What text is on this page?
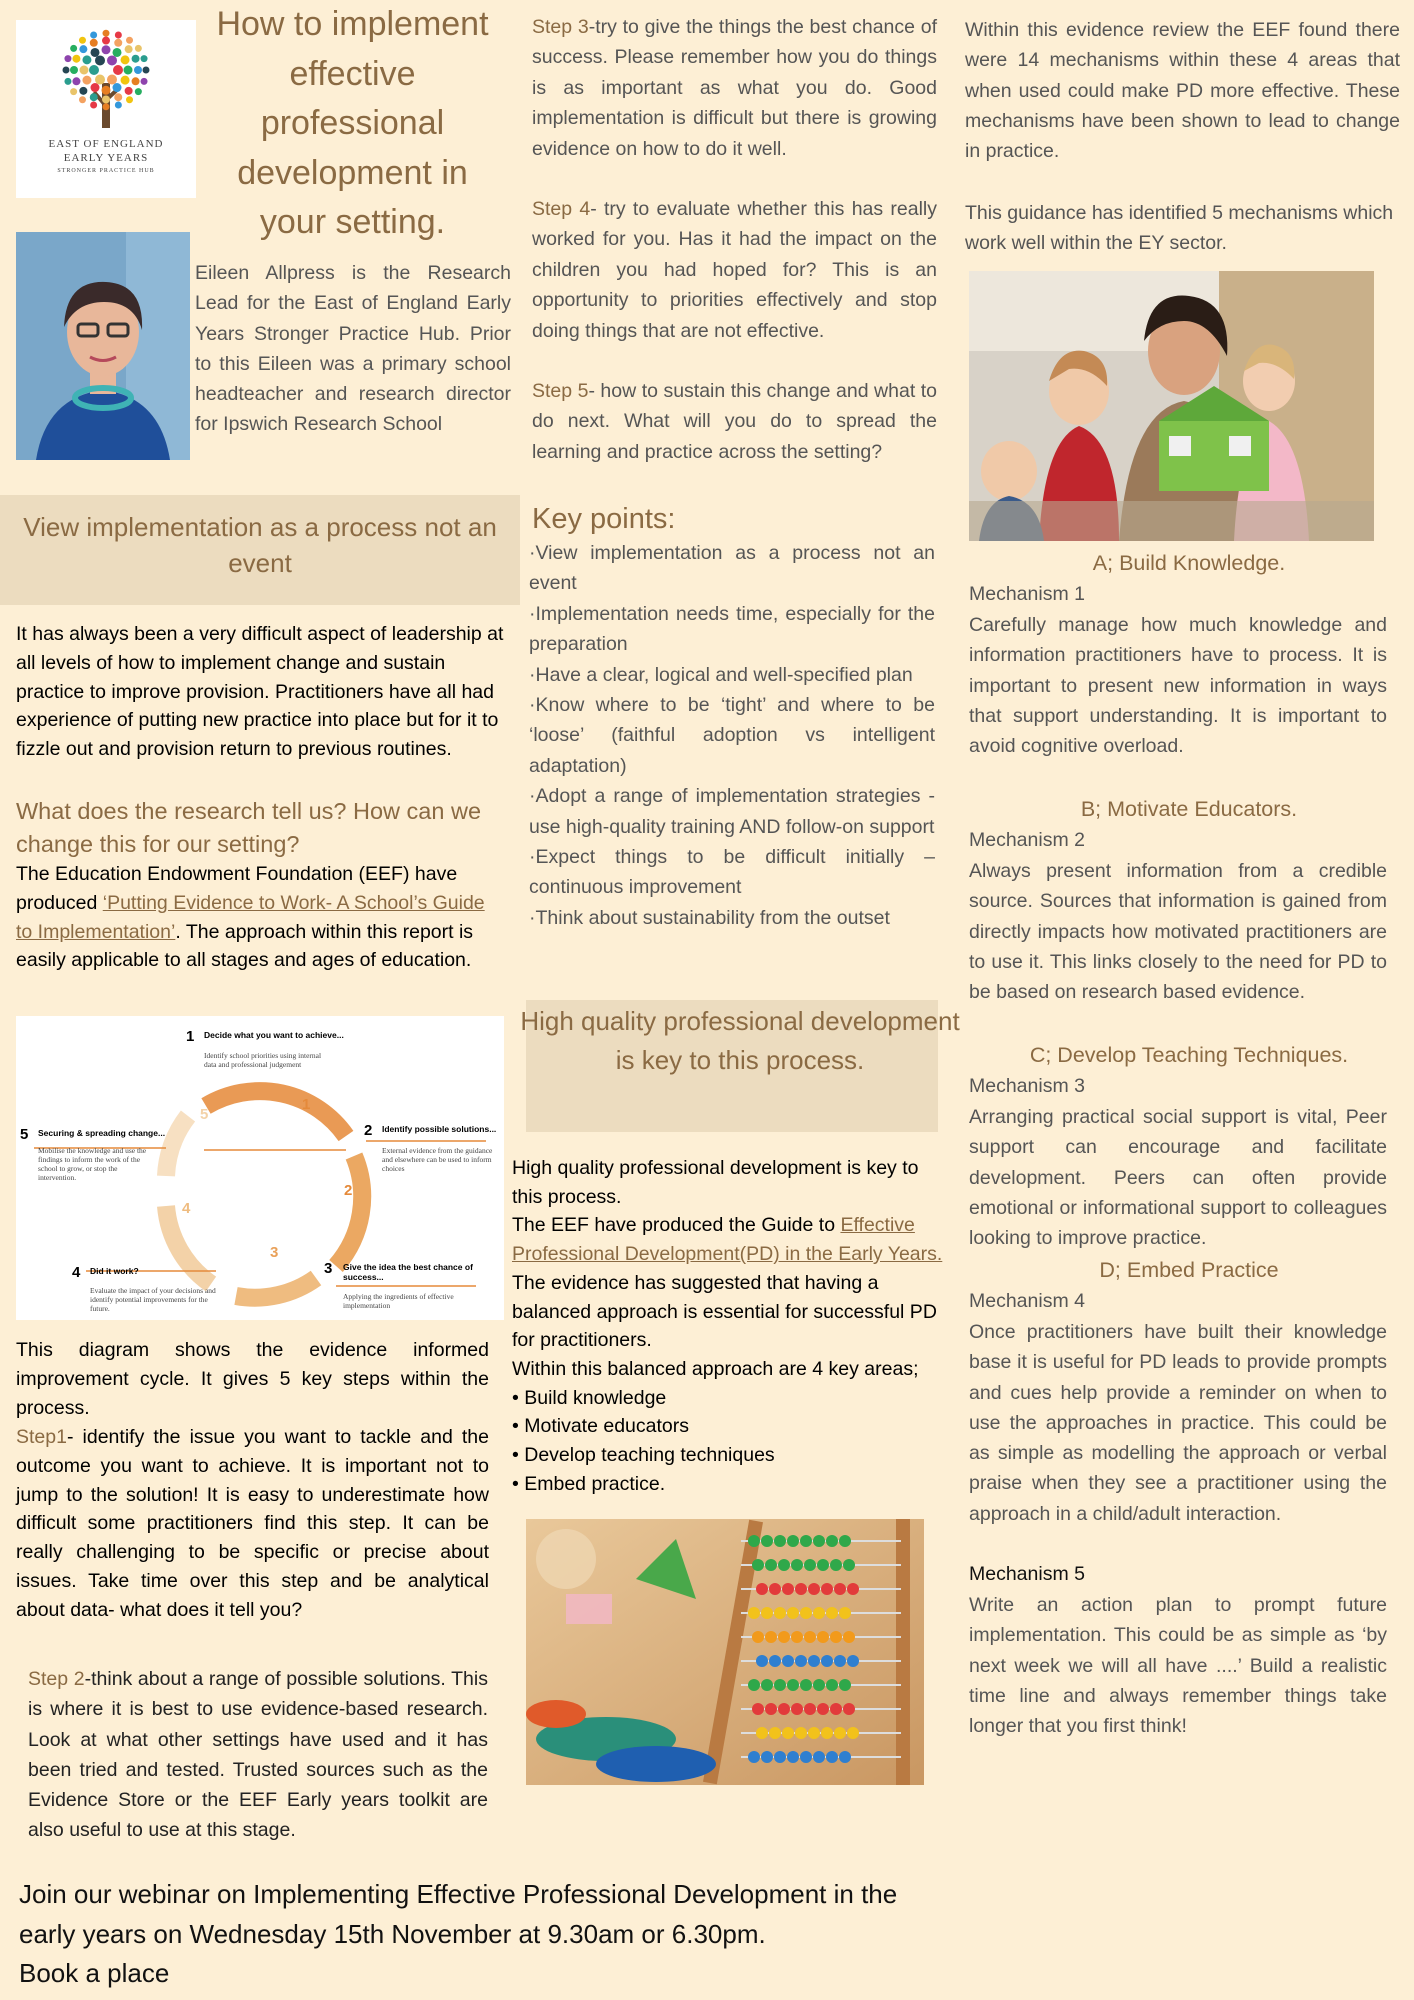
EAST OF ENGLAND
EARLY YEARS
STRONGER PRACTICE HUB
How to implement effective professional development in your setting.
Eileen Allpress is the Research Lead for the East of England Early Years Stronger Practice Hub. Prior to this Eileen was a primary school headteacher and research director for Ipswich Research School
View implementation as a process not an event
It has always been a very difficult aspect of leadership at all levels of how to implement change and sustain practice to improve provision. Practitioners have all had experience of putting new practice into place but for it to fizzle out and provision return to previous routines.
What does the research tell us? How can we change this for our setting?
The Education Endowment Foundation (EEF) have produced ‘Putting Evidence to Work- A School’s Guide to Implementation’. The approach within this report is easily applicable to all stages and ages of education.
1 Decide what you want to achieve...
Identify school priorities using internal data and professional judgement
2 Identify possible solutions...
External evidence from the guidance and elsewhere can be used to inform choices
3 Give the idea the best chance of success...
Applying the ingredients of effective implementation
4 Did it work?
Evaluate the impact of your decisions and identify potential improvements for the future.
5 Securing & spreading change...
Mobilise the knowledge and use the findings to inform the work of the school to grow, or stop the intervention.
1
2
3
4
5
This diagram shows the evidence informed improvement cycle. It gives 5 key steps within the process.
Step1- identify the issue you want to tackle and the outcome you want to achieve. It is important not to jump to the solution! It is easy to underestimate how difficult some practitioners find this step. It can be really challenging to be specific or precise about issues. Take time over this step and be analytical about data- what does it tell you?
Step 2-think about a range of possible solutions. This is where it is best to use evidence-based research. Look at what other settings have used and it has been tried and tested. Trusted sources such as the Evidence Store or the EEF Early years toolkit are also useful to use at this stage.
Join our webinar on Implementing Effective Professional Development in the
early years on Wednesday 15th November at 9.30am or 6.30pm.
Book a place
Step 3-try to give the things the best chance of success. Please remember how you do things is as important as what you do. Good implementation is difficult but there is growing evidence on how to do it well.
Step 4- try to evaluate whether this has really worked for you. Has it had the impact on the children you had hoped for? This is an opportunity to priorities effectively and stop doing things that are not effective.
Step 5- how to sustain this change and what to do next. What will you do to spread the learning and practice across the setting?
Key points:
·View implementation as a process not an event
·Implementation needs time, especially for the preparation
·Have a clear, logical and well-specified plan
·Know where to be ‘tight’ and where to be ‘loose’ (faithful adoption vs intelligent adaptation)
·Adopt a range of implementation strategies - use high-quality training AND follow-on support
·Expect things to be difficult initially – continuous improvement
·Think about sustainability from the outset
High quality professional development is key to this process.
High quality professional development is key to this process.
The EEF have produced the Guide to Effective Professional Development(PD) in the Early Years.
The evidence has suggested that having a balanced approach is essential for successful PD for practitioners.
Within this balanced approach are 4 key areas;
• Build knowledge
• Motivate educators
• Develop teaching techniques
• Embed practice.
Within this evidence review the EEF found there were 14 mechanisms within these 4 areas that when used could make PD more effective. These mechanisms have been shown to lead to change in practice.
This guidance has identified 5 mechanisms which work well within the EY sector.
A; Build Knowledge.
Mechanism 1
Carefully manage how much knowledge and information practitioners have to process. It is important to present new information in ways that support understanding. It is important to avoid cognitive overload.
B; Motivate Educators.
Mechanism 2
Always present information from a credible source. Sources that information is gained from directly impacts how motivated practitioners are to use it. This links closely to the need for PD to be based on research based evidence.
C; Develop Teaching Techniques.
Mechanism 3
Arranging practical social support is vital, Peer support can encourage and facilitate development. Peers can often provide emotional or informational support to colleagues looking to improve practice.
D; Embed Practice
Mechanism 4
Once practitioners have built their knowledge base it is useful for PD leads to provide prompts and cues help provide a reminder on when to use the approaches in practice. This could be as simple as modelling the approach or verbal praise when they see a practitioner using the approach in a child/adult interaction.
Mechanism 5
Write an action plan to prompt future implementation. This could be as simple as ‘by next week we will all have ....’ Build a realistic time line and always remember things take longer that you first think!
